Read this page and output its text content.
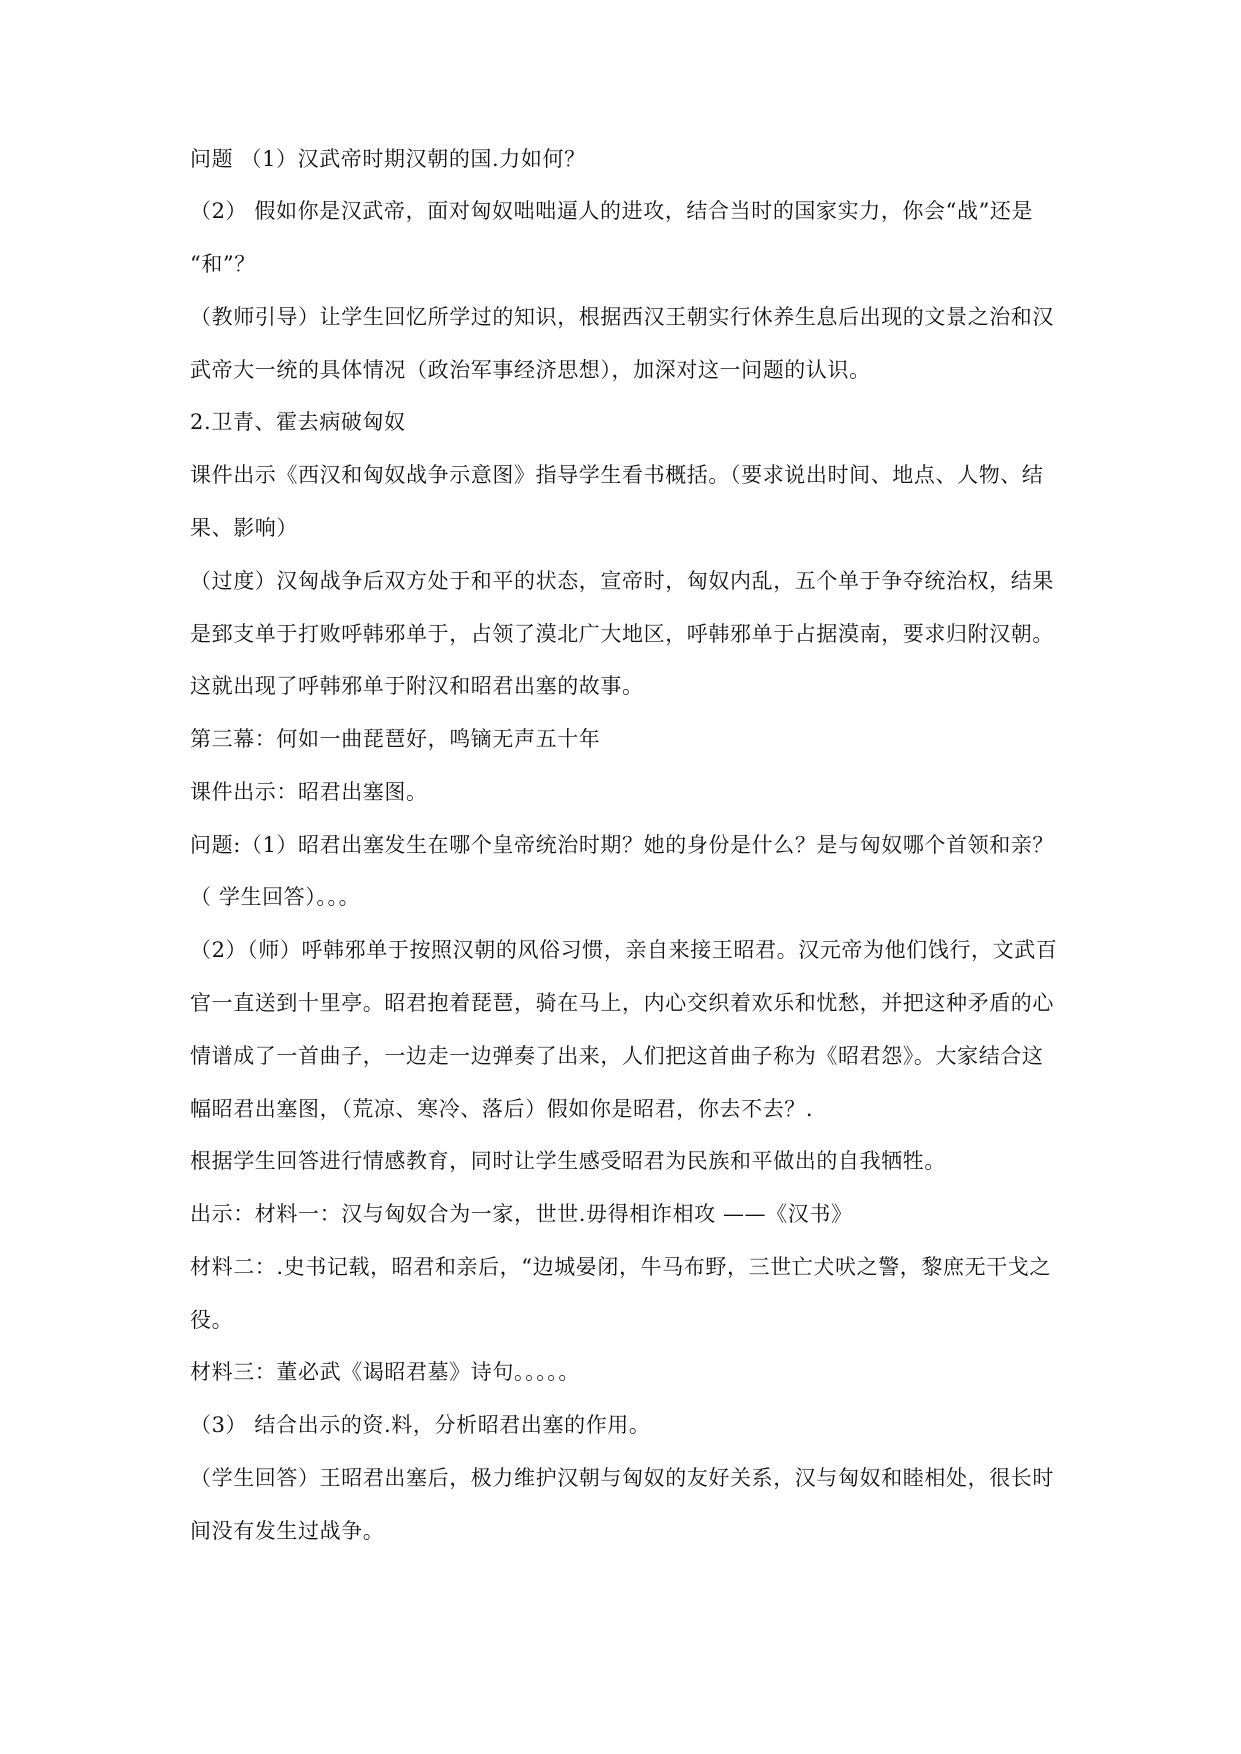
问题 （1）汉武帝时期汉朝的国.力如何？
（2） 假如你是汉武帝，面对匈奴咄咄逼人的进攻，结合当时的国家实力，你会“战”还是
“和”？
（教师引导）让学生回忆所学过的知识，根据西汉王朝实行休养生息后出现的文景之治和汉
武帝大一统的具体情况（政治军事经济思想），加深对这一问题的认识。
2.卫青、霍去病破匈奴
课件出示《西汉和匈奴战争示意图》指导学生看书概括。（要求说出时间、地点、人物、结
果、影响）
（过度）汉匈战争后双方处于和平的状态，宣帝时，匈奴内乱，五个单于争夺统治权，结果
是郅支单于打败呼韩邪单于，占领了漠北广大地区，呼韩邪单于占据漠南，要求归附汉朝。
这就出现了呼韩邪单于附汉和昭君出塞的故事。
第三幕：何如一曲琵琶好，鸣镝无声五十年
课件出示：昭君出塞图。
问题:（1）昭君出塞发生在哪个皇帝统治时期？她的身份是什么？是与匈奴哪个首领和亲？
（ 学生回答）。。。
（2）（师）呼韩邪单于按照汉朝的风俗习惯，亲自来接王昭君。汉元帝为他们饯行，文武百
官一直送到十里亭。昭君抱着琵琶，骑在马上，内心交织着欢乐和忧愁，并把这种矛盾的心
情谱成了一首曲子，一边走一边弹奏了出来，人们把这首曲子称为《昭君怨》。大家结合这
幅昭君出塞图，（荒凉、寒冷、落后）假如你是昭君，你去不去？.
根据学生回答进行情感教育，同时让学生感受昭君为民族和平做出的自我牺牲。
出示：材料一：汉与匈奴合为一家，世世.毋得相诈相攻 ——《汉书》
材料二：.史书记载，昭君和亲后，“边城晏闭，牛马布野，三世亡犬吠之警，黎庶无干戈之
役。
材料三：董必武《谒昭君墓》诗句。。。。。
（3） 结合出示的资.料，分析昭君出塞的作用。
（学生回答）王昭君出塞后，极力维护汉朝与匈奴的友好关系，汉与匈奴和睦相处，很长时
间没有发生过战争。
